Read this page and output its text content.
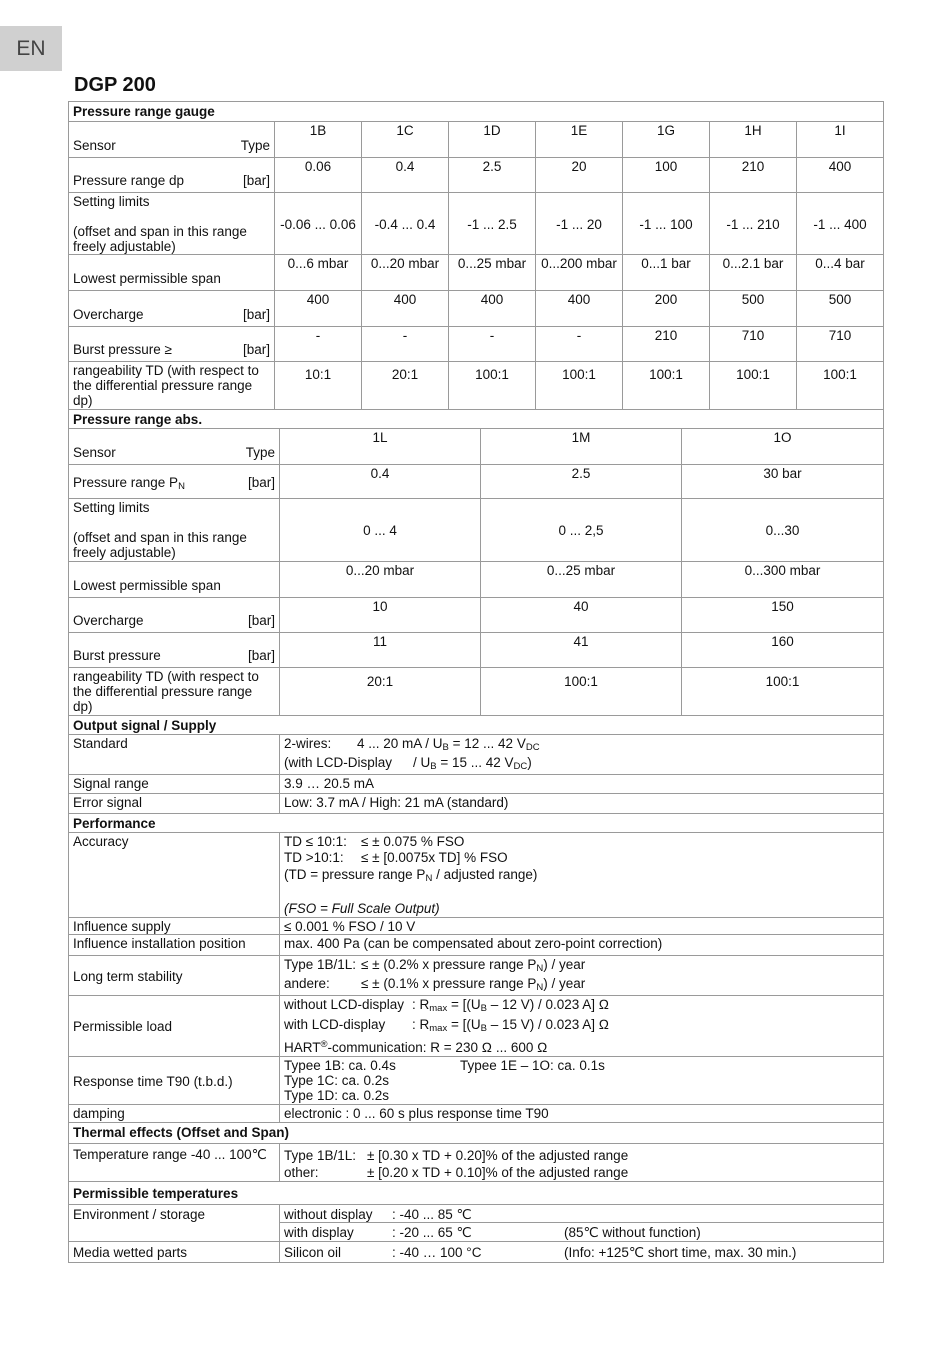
EN
DGP 200
Pressure range gauge							
Sensor Type	1B	1C	1D	1E	1G	1H	1I
Pressure range dp [bar]	0.06	0.4	2.5	20	100	210	400

Setting limits
(offset and span in this range freely adjustable)	-0.06 ... 0.06	-0.4 ... 0.4	-1 ... 2.5	-1 ... 20	-1 ... 100	-1 ... 210	-1 ... 400
Lowest permissible span	0...6 mbar	0...20 mbar	0...25 mbar	0...200 mbar	0...1 bar	0...2.1 bar	0...4 bar
Overcharge [bar]	400	400	400	400	200	500	500
Burst pressure ≥ [bar]	-	-	-	-	210	710	710
rangeability TD (with respect to the differential pressure range dp)	10:1	20:1	100:1	100:1	100:1	100:1	100:1
Pressure range abs.			
Sensor Type	1L	1M	1O
Pressure range $P_N$ [bar]	0.4	2.5	30 bar

Setting limits
(offset and span in this range freely adjustable)	0 ... 4	0 ... 2,5	0...30
Lowest permissible span	0...20 mbar	0...25 mbar	0...300 mbar
Overcharge [bar]	10	40	150
Burst pressure [bar]	11	41	160
rangeability TD (with respect to the differential pressure range dp)	20:1	100:1	100:1
Output signal / Supply	
Standard	2-wires: 4 ... 20 mA / $U_B = 12$ ... 42 $V_{DC}$
(with LCD-Display / $U_B = 15$ ... 42 $V_{DC}$)

Signal range	3.9 … 20.5 mA
Error signal	Low: 3.7 mA / High: 21 mA (standard)
Performance	
Accuracy	TD ≤ 10:1: ≤ ± 0.075 % FSO
TD >10:1: ≤ ± [0.0075x TD] % FSO
(TD = pressure range $P_N$ / adjusted range)
(FSO = Full Scale Output)

Influence supply	≤ 0.001 % FSO / 10 V
Influence installation position	max. 400 Pa (can be compensated about zero-point correction)
Long term stability	Type 1B/1L: ≤ ± (0.2% x pressure range $P_N$) / year
andere: ≤ ± (0.1% x pressure range $P_N$) / year

Permissible load	without LCD-display : $R_{max} = [(U_B - 12$ V) / 0.023 A] Ω
with LCD-display : $R_{max} = [(U_B - 15$ V) / 0.023 A] Ω
HART®-communication: R = 230 Ω ... 600 Ω

Response time T90 (t.b.d.)	Typee 1B: ca. 0.4s Typee 1E – 1O: ca. 0.1s
Type 1C: ca. 0.2s
Type 1D: ca. 0.2s

damping	electronic : 0 ... 60 s plus response time T90
Thermal effects (Offset and Span)	
Temperature range -40 ... 100℃	Type 1B/1L: ± [0.30 x TD + 0.20]% of the adjusted range
other: ± [0.20 x TD + 0.10]% of the adjusted range

Permissible temperatures	
Environment / storage	without display : -40 ... 85 ℃
	with display : -20 ... 65 ℃ (85℃ without function)
Media wetted parts	Silicon oil : -40 … 100 °C (Info: +125℃ short time, max. 30 min.)
